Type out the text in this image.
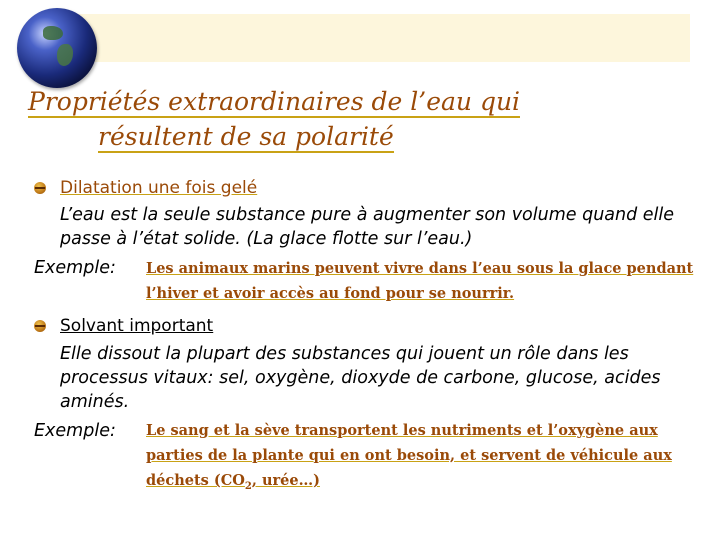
Propriétés extraordinaires de l’eau qui
résultent de sa polarité
Dilatation une fois gelé
L’eau est la seule substance pure à augmenter son volume quand elle passe à l’état solide. (La glace flotte sur l’eau.)
Exemple: Les animaux marins peuvent vivre dans l’eau sous la glace pendant l’hiver et avoir accès au fond pour se nourrir.
Solvant important
Elle dissout la plupart des substances qui jouent un rôle dans les processus vitaux: sel, oxygène, dioxyde de carbone, glucose, acides aminés.
Exemple: Le sang et la sève transportent les nutriments et l’oxygène aux parties de la plante qui en ont besoin, et servent de véhicule aux déchets ($CO_2$, urée…)
